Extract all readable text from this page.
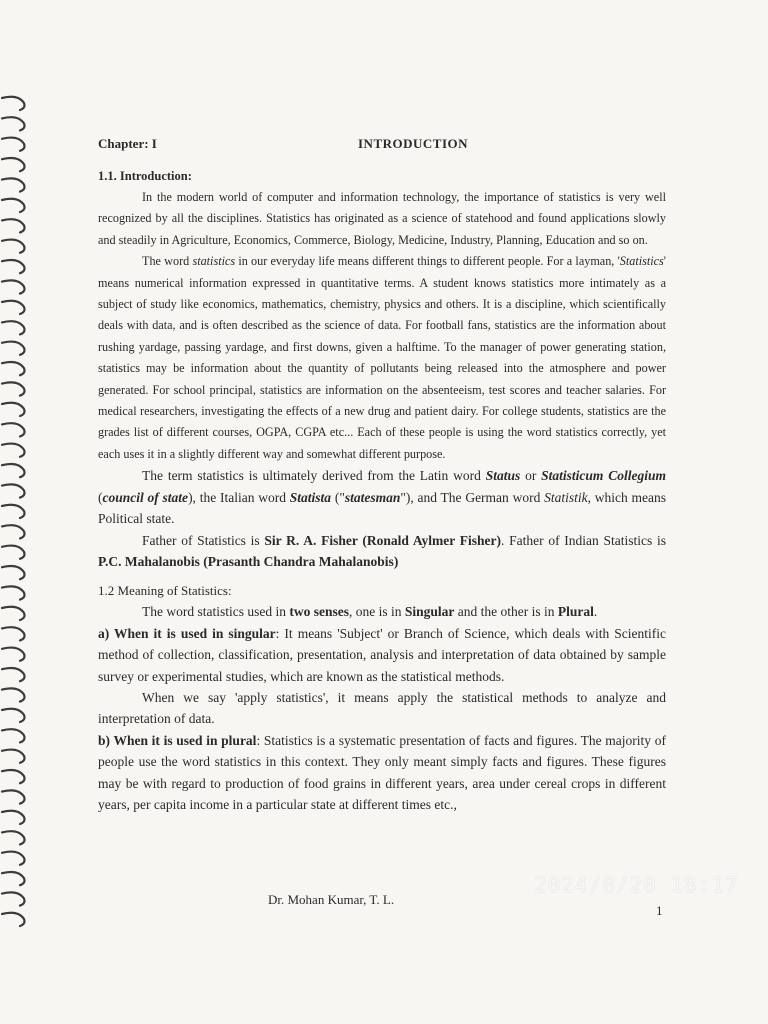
Chapter: I	INTRODUCTION
1.1. Introduction:

In the modern world of computer and information technology, the importance of statistics is very well recognized by all the disciplines. Statistics has originated as a science of statehood and found applications slowly and steadily in Agriculture, Economics, Commerce, Biology, Medicine, Industry, Planning, Education and so on.

The word statistics in our everyday life means different things to different people. For a layman, 'Statistics' means numerical information expressed in quantitative terms. A student knows statistics more intimately as a subject of study like economics, mathematics, chemistry, physics and others. It is a discipline, which scientifically deals with data, and is often described as the science of data. For football fans, statistics are the information about rushing yardage, passing yardage, and first downs, given a halftime. To the manager of power generating station, statistics may be information about the quantity of pollutants being released into the atmosphere and power generated. For school principal, statistics are information on the absenteeism, test scores and teacher salaries. For medical researchers, investigating the effects of a new drug and patient dairy. For college students, statistics are the grades list of different courses, OGPA, CGPA etc... Each of these people is using the word statistics correctly, yet each uses it in a slightly different way and somewhat different purpose.

The term statistics is ultimately derived from the Latin word Status or Statisticum Collegium (council of state), the Italian word Statista ("statesman"), and The German word Statistik, which means Political state.

Father of Statistics is Sir R. A. Fisher (Ronald Aylmer Fisher). Father of Indian Statistics is P.C. Mahalanobis (Prasanth Chandra Mahalanobis)

1.2 Meaning of Statistics:

The word statistics used in two senses, one is in Singular and the other is in Plural.

a) When it is used in singular: It means 'Subject' or Branch of Science, which deals with Scientific method of collection, classification, presentation, analysis and interpretation of data obtained by sample survey or experimental studies, which are known as the statistical methods.

When we say 'apply statistics', it means apply the statistical methods to analyze and interpretation of data.

b) When it is used in plural: Statistics is a systematic presentation of facts and figures. The majority of people use the word statistics in this context. They only meant simply facts and figures. These figures may be with regard to production of food grains in different years, area under cereal crops in different years, per capita income in a particular state at different times etc.,

2024/8/20 18:17
Dr. Mohan Kumar, T. L.
1
